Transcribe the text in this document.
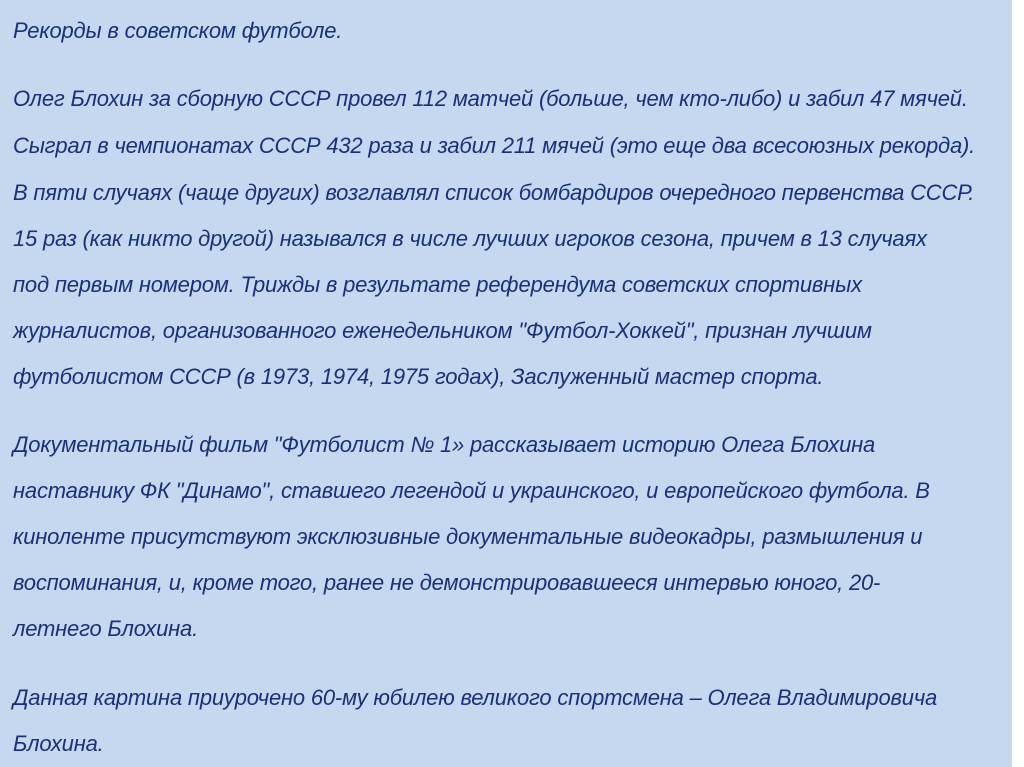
Рекорды в советском футболе.
Олег Блохин за сборную СССР провел 112 матчей (больше, чем кто-либо) и забил 47 мячей.
Сыграл в чемпионатах СССР 432 раза и забил 211 мячей (это еще два всесоюзных рекорда).
В пяти случаях (чаще других) возглавлял список бомбардиров очередного первенства СССР.
15 раз (как никто другой) назывался в числе лучших игроков сезона, причем в 13 случаях
под первым номером. Трижды в результате референдума советских спортивных
журналистов, организованного еженедельником "Футбол-Хоккей", признан лучшим
футболистом СССР (в 1973, 1974, 1975 годах), Заслуженный мастер спорта.
Документальный фильм "Футболист № 1» рассказывает историю Олега Блохина
наставнику ФК "Динамо", ставшего легендой и украинского, и европейского футбола. В
киноленте присутствуют эксклюзивные документальные видеокадры, размышления и
воспоминания, и, кроме того, ранее не демонстрировавшееся интервью юного, 20-
летнего Блохина.
Данная картина приурочено 60-му юбилею великого спортсмена – Олега Владимировича
Блохина.
